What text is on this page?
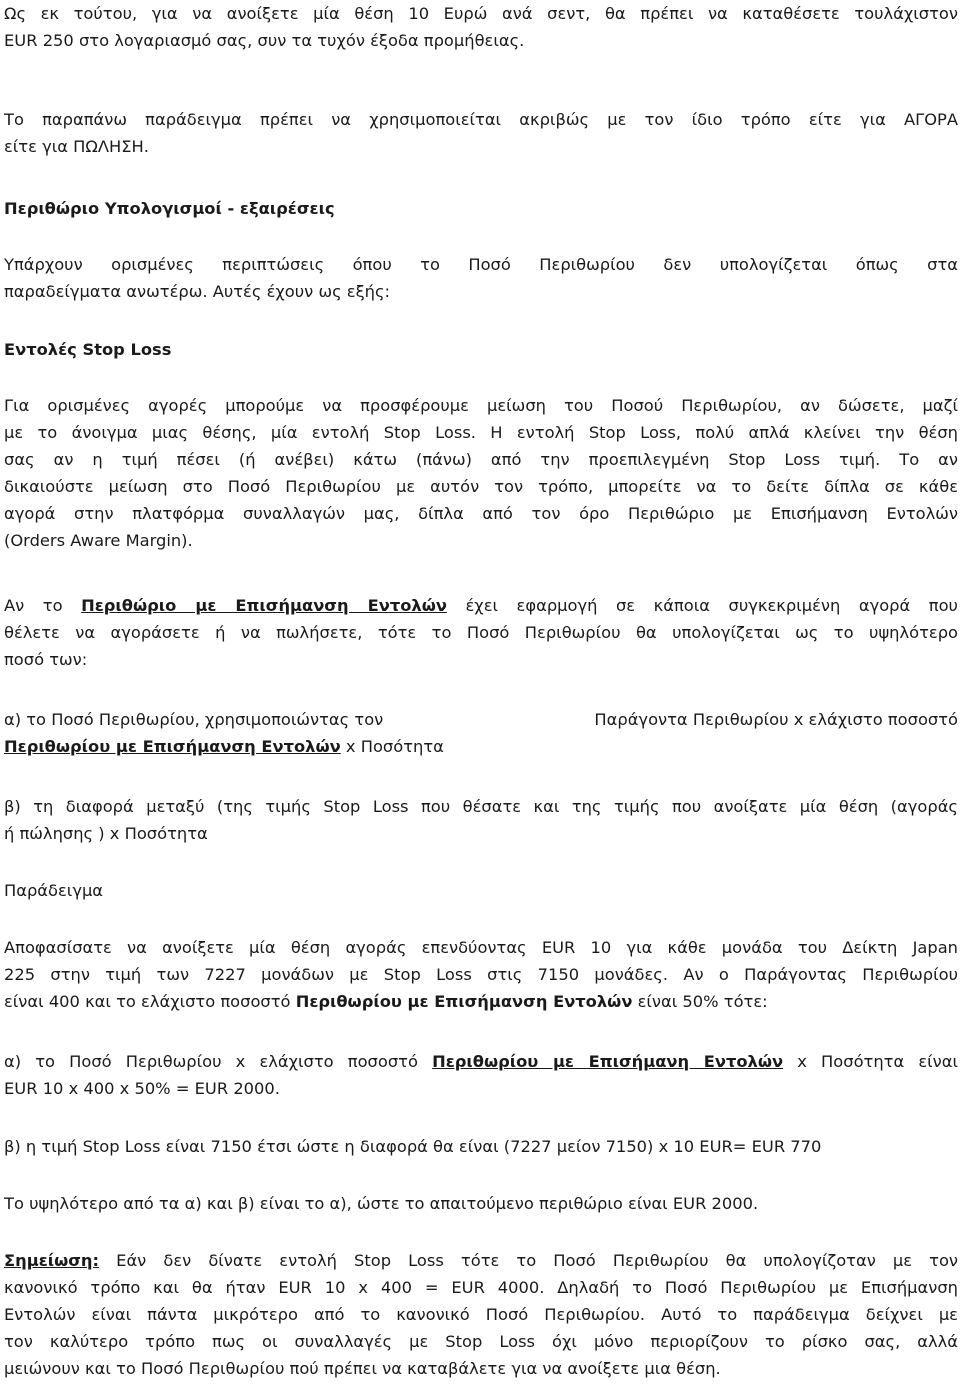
Ως εκ τούτου, για να ανοίξετε μία θέση 10 Ευρώ ανά σεντ, θα πρέπει να καταθέσετε τουλάχιστον
EUR 250 στο λογαριασμό σας, συν τα τυχόν έξοδα προμήθειας.

Το παραπάνω παράδειγμα πρέπει να χρησιμοποιείται ακριβώς με τον ίδιο τρόπο είτε για ΑΓΟΡΑ
είτε για ΠΩΛΗΣΗ.

Περιθώριο Υπολογισμοί - εξαιρέσεις

Υπάρχουν ορισμένες περιπτώσεις όπου το Ποσό Περιθωρίου δεν υπολογίζεται όπως στα
παραδείγματα ανωτέρω. Αυτές έχουν ως εξής:

Εντολές Stop Loss

Για ορισμένες αγορές μπορούμε να προσφέρουμε μείωση του Ποσού Περιθωρίου, αν δώσετε, μαζί
με το άνοιγμα μιας θέσης, μία εντολή Stop Loss. Η εντολή Stop Loss, πολύ απλά κλείνει την θέση
σας αν η τιμή πέσει (ή ανέβει) κάτω (πάνω) από την προεπιλεγμένη Stop Loss τιμή. Το αν
δικαιούστε μείωση στο Ποσό Περιθωρίου με αυτόν τον τρόπο, μπορείτε να το δείτε δίπλα σε κάθε
αγορά στην πλατφόρμα συναλλαγών μας, δίπλα από τον όρο Περιθώριο με Επισήμανση Εντολών
(Orders Aware Margin).

Αν το Περιθώριο με Επισήμανση Εντολών έχει εφαρμογή σε κάποια συγκεκριμένη αγορά που
θέλετε να αγοράσετε ή να πωλήσετε, τότε το Ποσό Περιθωρίου θα υπολογίζεται ως το υψηλότερο
ποσό των:

α) το Ποσό Περιθωρίου, χρησιμοποιώντας τον	Παράγοντα Περιθωρίου x ελάχιστο ποσοστό
Περιθωρίου με Επισήμανση Εντολών x Ποσότητα

β) τη διαφορά μεταξύ (της τιμής Stop Loss που θέσατε και της τιμής που ανοίξατε μία θέση (αγοράς
ή πώλησης ) x Ποσότητα

Παράδειγμα

Αποφασίσατε να ανοίξετε μία θέση αγοράς επενδύοντας EUR 10 για κάθε μονάδα του Δείκτη Japan
225 στην τιμή των 7227 μονάδων με Stop Loss στις 7150 μονάδες. Αν ο Παράγοντας Περιθωρίου
είναι 400 και το ελάχιστο ποσοστό Περιθωρίου με Επισήμανση Εντολών είναι 50% τότε:

α) το Ποσό Περιθωρίου x ελάχιστο ποσοστό Περιθωρίου με Επισήμανη Εντολών x Ποσότητα είναι
EUR 10 x 400 x 50% = EUR 2000.

β) η τιμή Stop Loss είναι 7150 έτσι ώστε η διαφορά θα είναι (7227 μείον 7150) x 10 EUR= EUR 770

Το υψηλότερο από τα α) και β) είναι το α), ώστε το απαιτούμενο περιθώριο είναι EUR 2000.

Σημείωση: Εάν δεν δίνατε εντολή Stop Loss τότε το Ποσό Περιθωρίου θα υπολογίζοταν με τον
κανονικό τρόπο και θα ήταν EUR 10 x 400 = EUR 4000. Δηλαδή το Ποσό Περιθωρίου με Επισήμανση
Εντολών είναι πάντα μικρότερο από το κανονικό Ποσό Περιθωρίου. Αυτό το παράδειγμα δείχνει με
τον καλύτερο τρόπο πως οι συναλλαγές με Stop Loss όχι μόνο περιορίζουν το ρίσκο σας, αλλά
μειώνουν και το Ποσό Περιθωρίου πού πρέπει να καταβάλετε για να ανοίξετε μια θέση.
